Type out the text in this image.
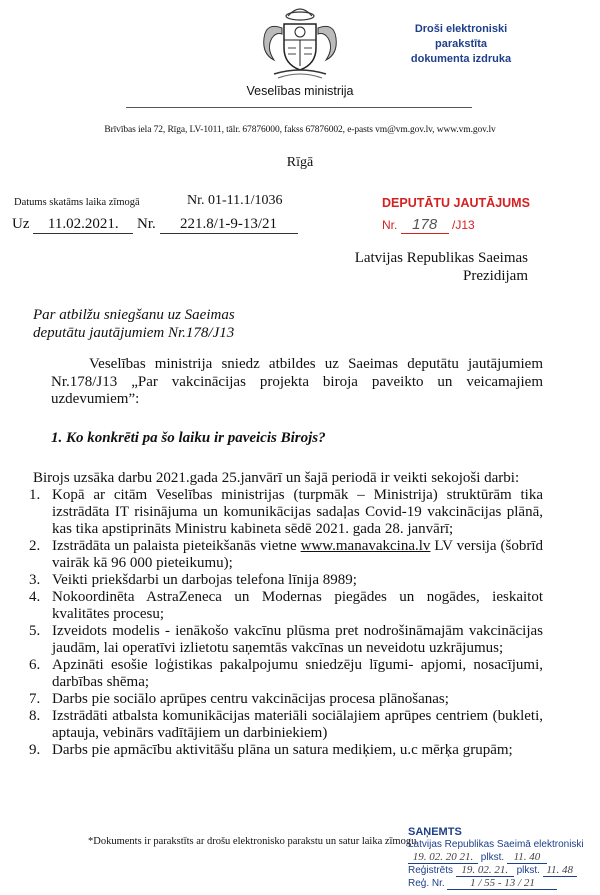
Veselības ministrija
Brīvības iela 72, Rīga, LV-1011, tālr. 67876000, fakss 67876002, e-pasts vm@vm.gov.lv, www.vm.gov.lv
Droši elektroniski parakstīta
dokumenta izdruka
Rīgā
Datums skatāms laika zīmogā	Nr. 01-11.1/1036
Uz 11.02.2021. Nr. 221.8/1-9-13/21
DEPUTĀTU JAUTĀJUMS
Nr. 178 /J13
Latvijas Republikas Saeimas
Prezidijam
Par atbilžu sniegšanu uz Saeimas
deputātu jautājumiem Nr.178/J13
Veselības ministrija sniedz atbildes uz Saeimas deputātu jautājumiem Nr.178/J13 „Par vakcinācijas projekta biroja paveikto un veicamajiem uzdevumiem”:
1. Ko konkrēti pa šo laiku ir paveicis Birojs?
Birojs uzsāka darbu 2021.gada 25.janvārī un šajā periodā ir veikti sekojoši darbi:
1. Kopā ar citām Veselības ministrijas (turpmāk – Ministrija) struktūrām tika izstrādāta IT risinājuma un komunikācijas sadaļas Covid-19 vakcinācijas plānā, kas tika apstiprināts Ministru kabineta sēdē 2021. gada 28. janvārī;
2. Izstrādāta un palaista pieteikšanās vietne www.manavakcina.lv LV versija (šobrīd vairāk kā 96 000 pieteikumu);
3. Veikti priekšdarbi un darbojas telefona līnija 8989;
4. Nokoordinēta AstraZeneca un Modernas piegādes un nogādes, ieskaitot kvalitātes procesu;
5. Izveidots modelis - ienākošo vakcīnu plūsma pret nodrošināmajām vakcinācijas jaudām, lai operatīvi izlietotu saņemtās vakcīnas un neveidotu uzkrājumus;
6. Apzināti esošie loģistikas pakalpojumu sniedzēju līgumi- apjomi, nosacījumi, darbības shēma;
7. Darbs pie sociālo aprūpes centru vakcinācijas procesa plānošanas;
8. Izstrādāti atbalsta komunikācijas materiāli sociālajiem aprūpes centriem (bukleti, aptauja, vebinārs vadītājiem un darbiniekiem)
9. Darbs pie apmācību aktivitāšu plāna un satura mediķiem, u.c mērķa grupām;
*Dokuments ir parakstīts ar drošu elektronisko parakstu un satur laika zīmogu
SAŅEMTS
Latvijas Republikas Saeimā elektroniski
19. 02. 20 21. plkst. 11. 40
Reģistrēts 19. 02. 21. plkst. 11. 48
Reģ. Nr. 1 / 55 - 13 / 21
